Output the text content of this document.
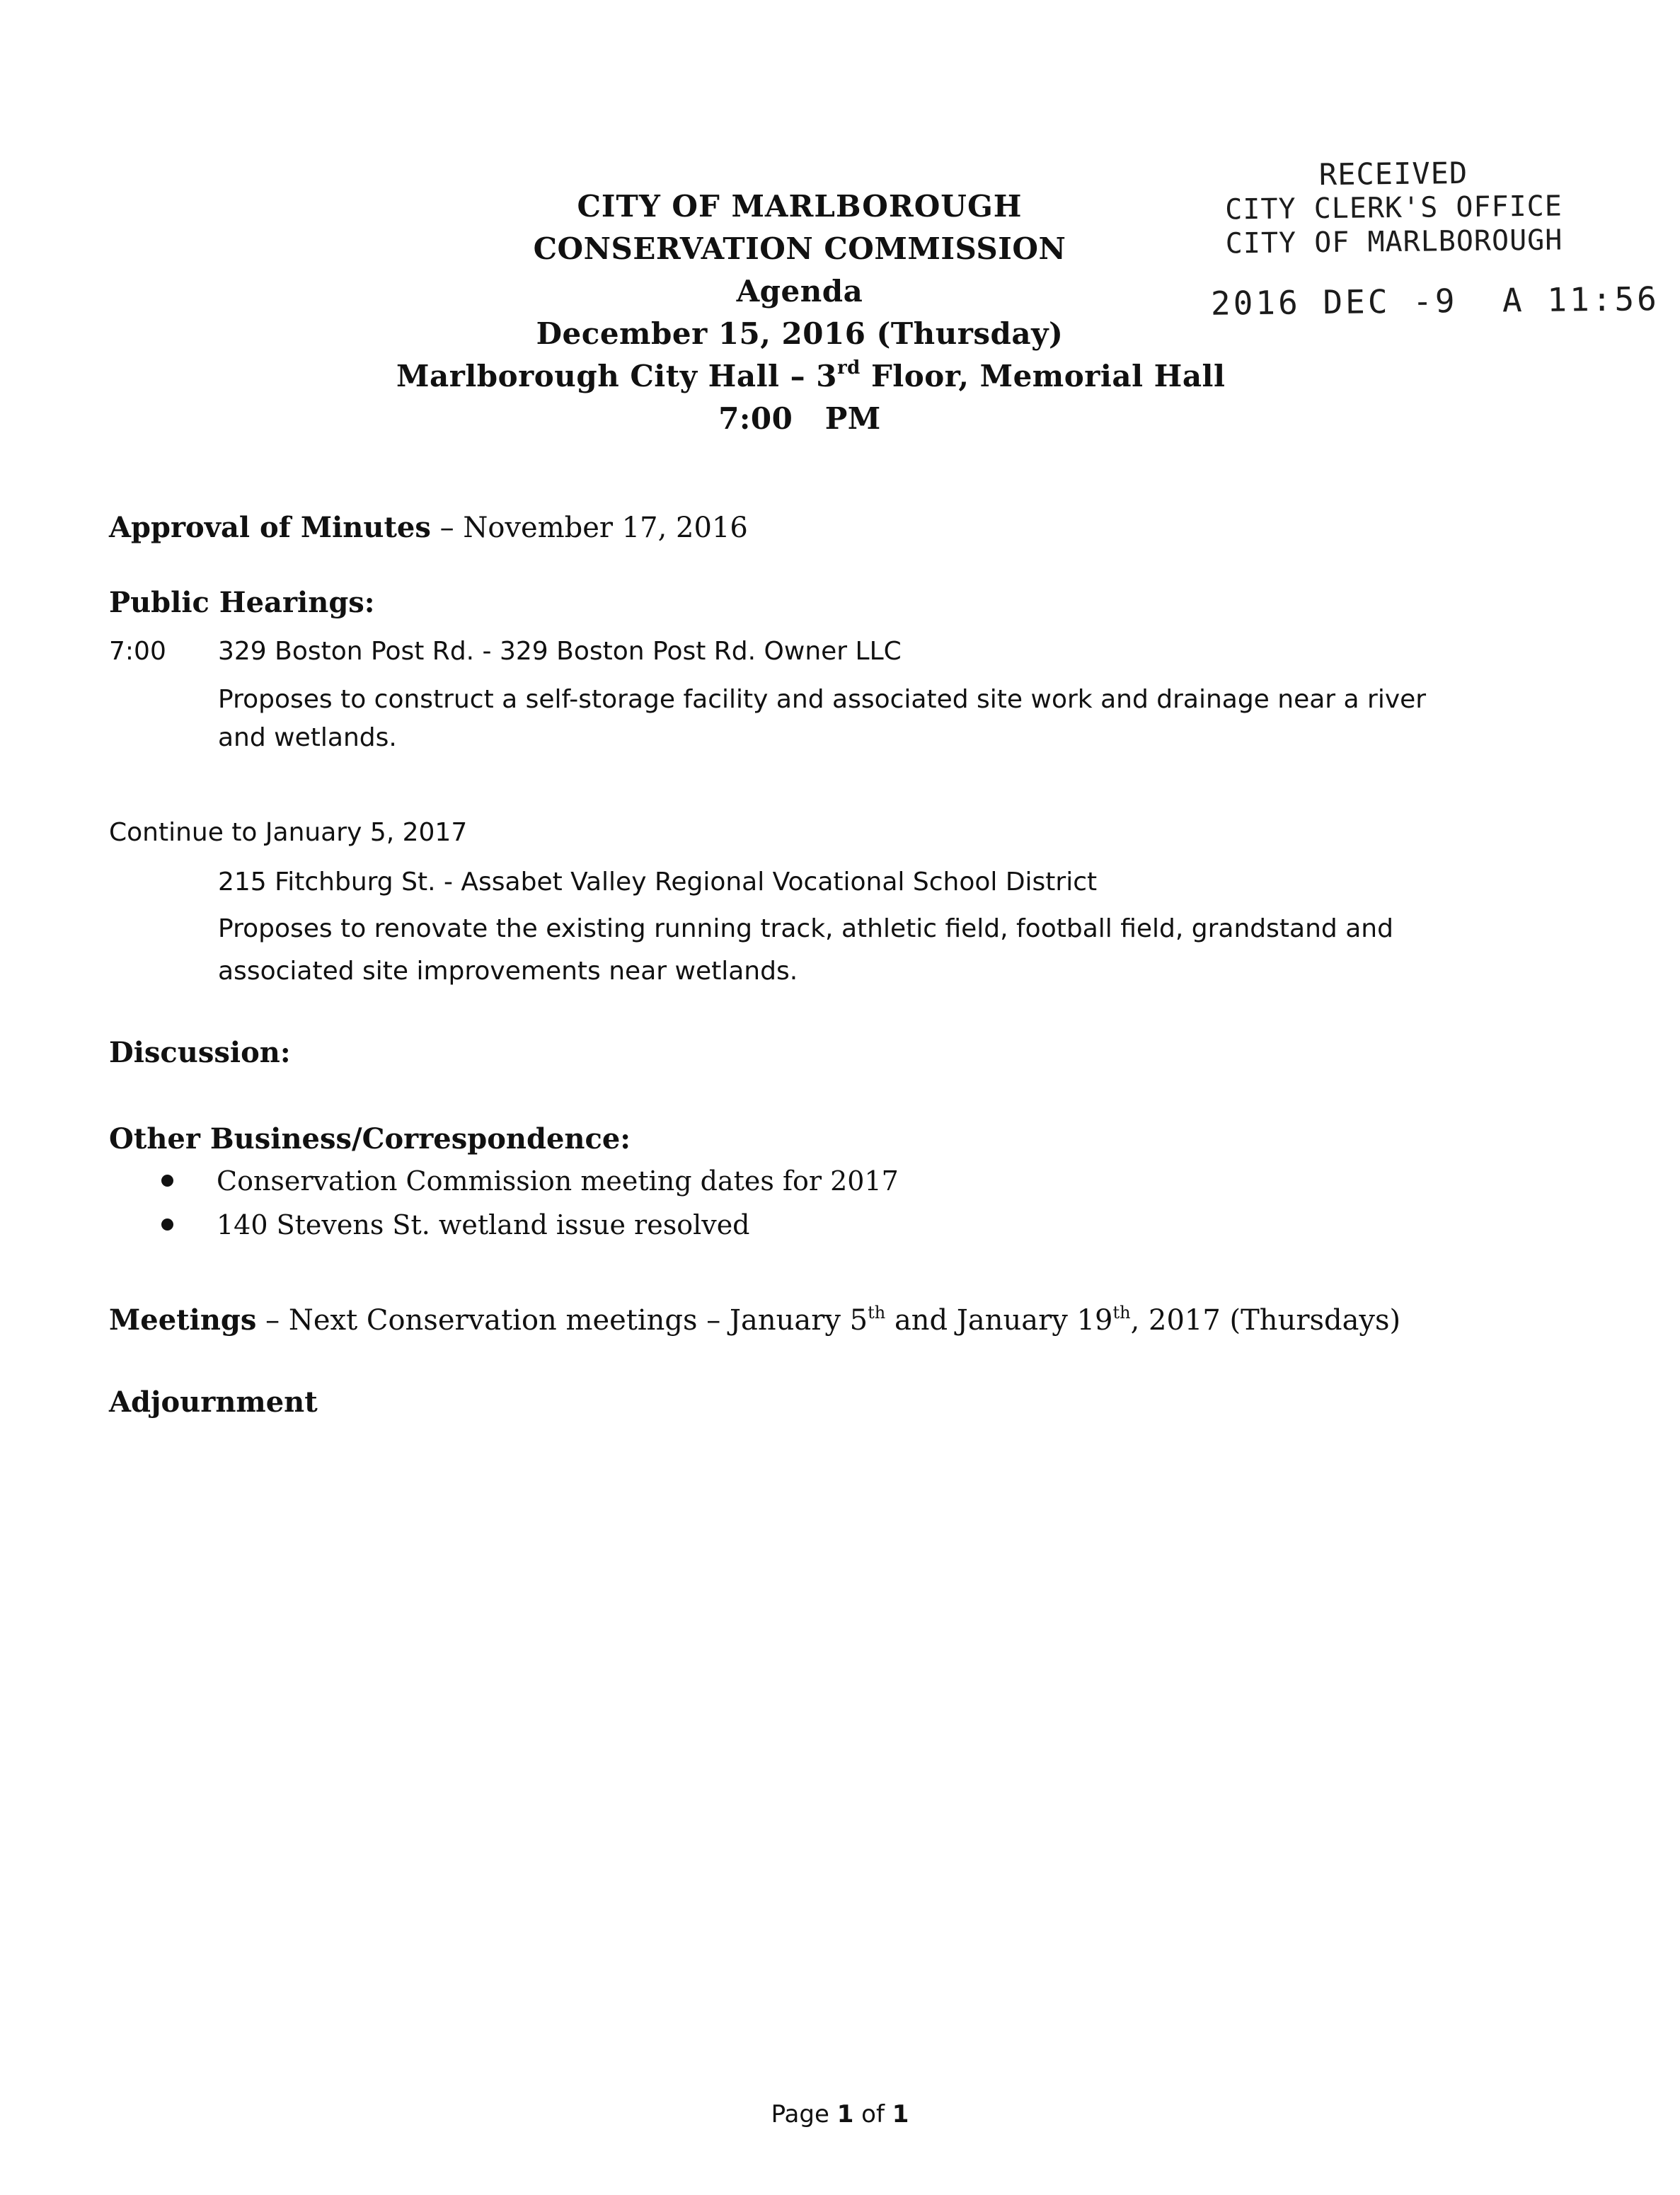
CITY OF MARLBOROUGH
CONSERVATION COMMISSION
Agenda
December 15, 2016 (Thursday)
Marlborough City Hall – 3rd Floor, Memorial Hall
7:00   PM
RECEIVED
CITY CLERK'S OFFICE
CITY OF MARLBOROUGH
2016 DEC -9  A 11:56
Approval of Minutes – November 17, 2016
Public Hearings:
7:00 329 Boston Post Rd. - 329 Boston Post Rd. Owner LLC
Proposes to construct a self-storage facility and associated site work and drainage near a river
and wetlands.
Continue to January 5, 2017
215 Fitchburg St. - Assabet Valley Regional Vocational School District
Proposes to renovate the existing running track, athletic field, football field, grandstand and
associated site improvements near wetlands.
Discussion:
Other Business/Correspondence:
Conservation Commission meeting dates for 2017
140 Stevens St. wetland issue resolved
Meetings – Next Conservation meetings – January 5th and January 19th, 2017 (Thursdays)
Adjournment
Page 1 of 1
